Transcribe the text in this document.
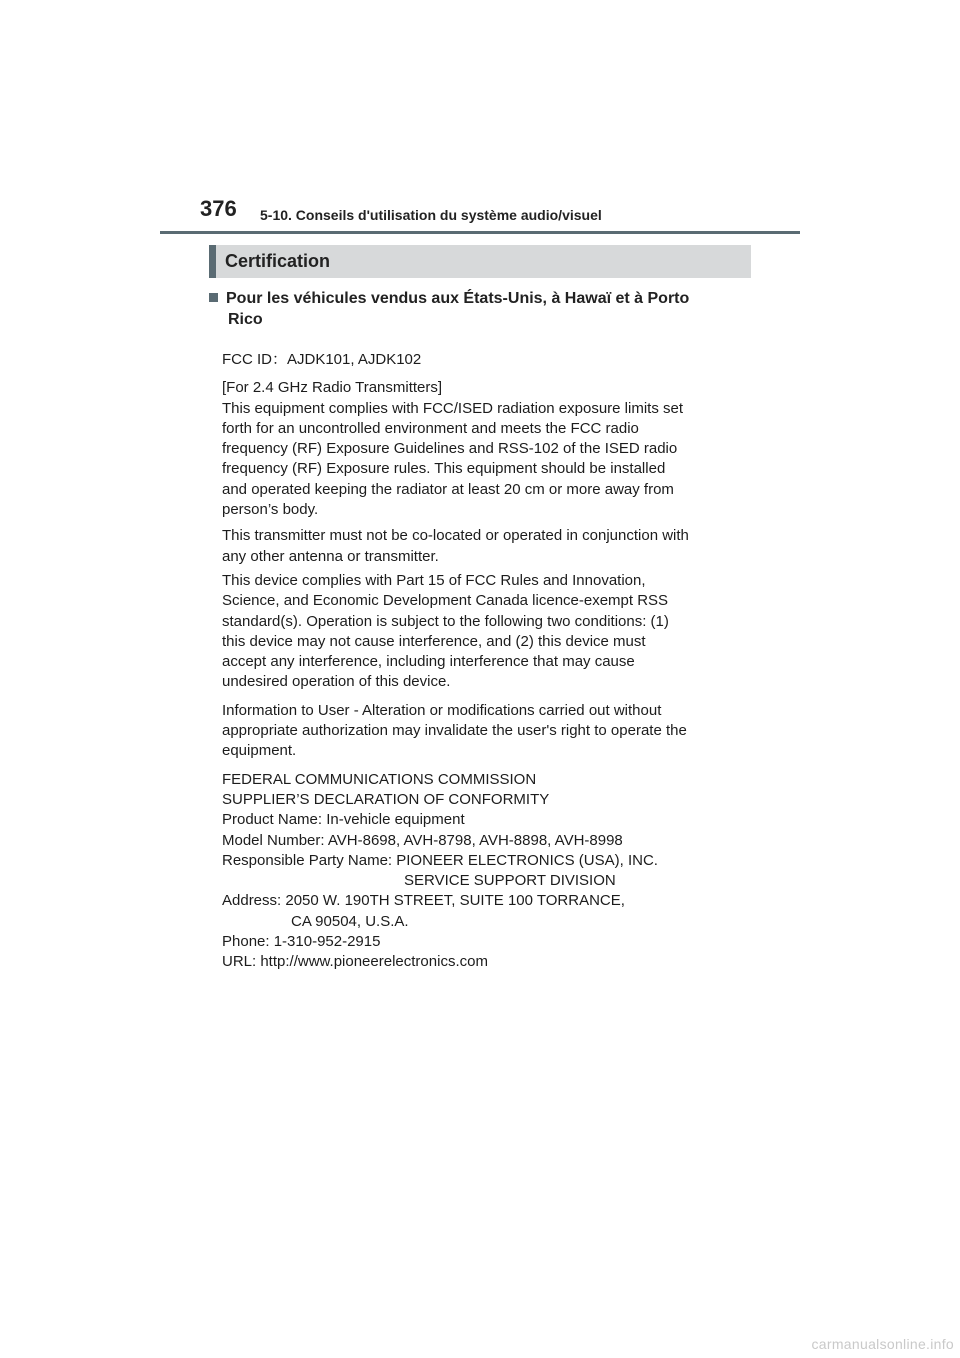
376 5-10. Conseils d'utilisation du système audio/visuel
Certification
Pour les véhicules vendus aux États-Unis, à Hawaï et à Porto
Rico

FCC ID：AJDK101, AJDK102

[For 2.4 GHz Radio Transmitters]

This equipment complies with FCC/ISED radiation exposure limits set

forth for an uncontrolled environment and meets the FCC radio

frequency (RF) Exposure Guidelines and RSS-102 of the ISED radio

frequency (RF) Exposure rules. This equipment should be installed

and operated keeping the radiator at least 20 cm or more away from

person’s body.

This transmitter must not be co-located or operated in conjunction with

any other antenna or transmitter.

This device complies with Part 15 of FCC Rules and Innovation,

Science, and Economic Development Canada licence-exempt RSS

standard(s). Operation is subject to the following two conditions: (1)

this device may not cause interference, and (2) this device must

accept any interference, including interference that may cause

undesired operation of this device.

Information to User - Alteration or modifications carried out without

appropriate authorization may invalidate the user's right to operate the

equipment.

FEDERAL COMMUNICATIONS COMMISSION

SUPPLIER’S DECLARATION OF CONFORMITY

Product Name: In-vehicle equipment

Model Number: AVH-8698, AVH-8798, AVH-8898, AVH-8998

Responsible Party Name: PIONEER ELECTRONICS (USA), INC.

SERVICE SUPPORT DIVISION

Address: 2050 W. 190TH STREET, SUITE 100 TORRANCE,

CA 90504, U.S.A.

Phone: 1-310-952-2915

URL: http://www.pioneerelectronics.com

carmanualsonline.info
